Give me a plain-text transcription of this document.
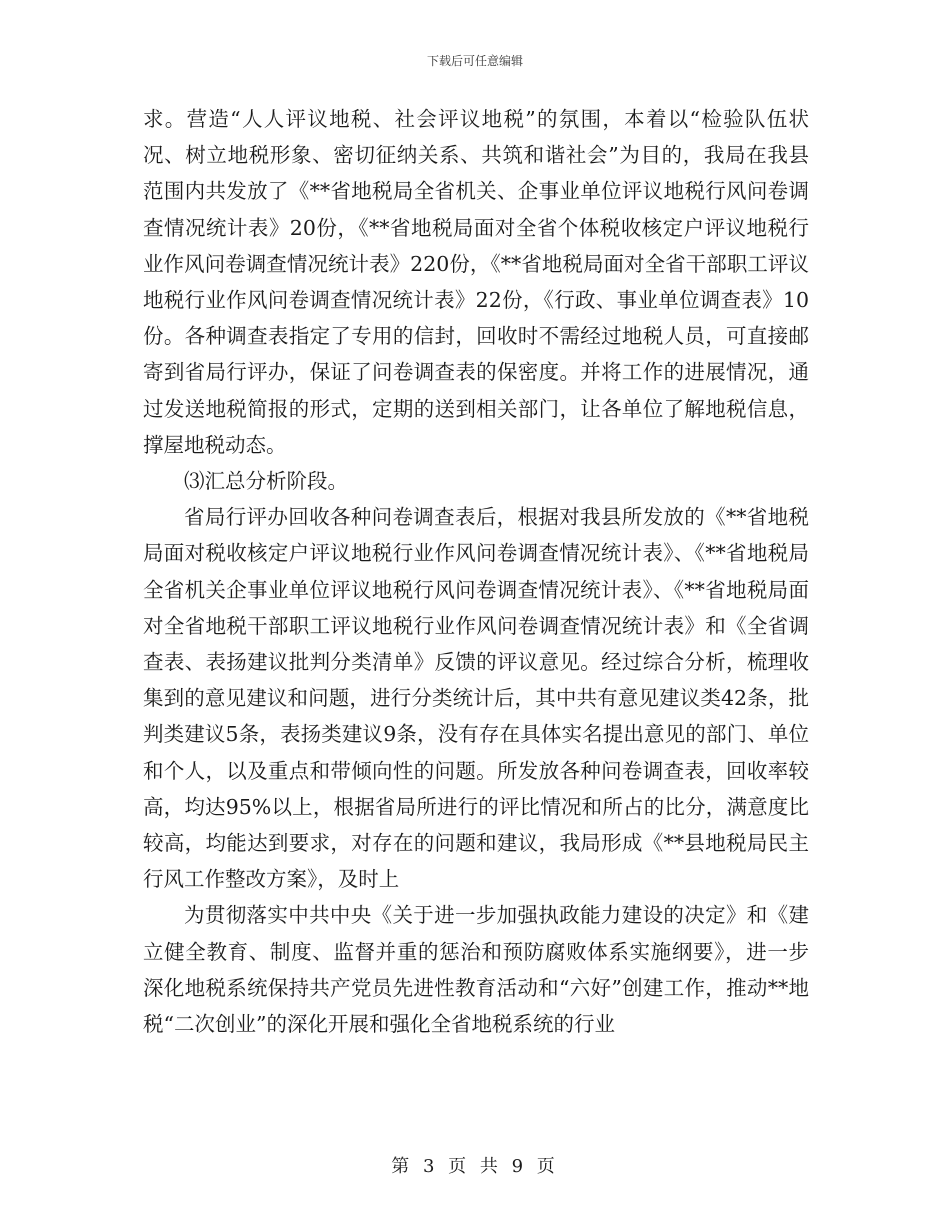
下载后可任意编辑

求。营造“人人评议地税、社会评议地税”的氛围，本着以“检验队伍状况、树立地税形象、密切征纳关系、共筑和谐社会”为目的，我局在我县范围内共发放了《**省地税局全省机关、企事业单位评议地税行风问卷调查情况统计表》20份，《**省地税局面对全省个体税收核定户评议地税行业作风问卷调查情况统计表》220份，《**省地税局面对全省干部职工评议地税行业作风问卷调查情况统计表》22份，《行政、事业单位调查表》10份。各种调查表指定了专用的信封，回收时不需经过地税人员，可直接邮寄到省局行评办，保证了问卷调查表的保密度。并将工作的进展情况，通过发送地税简报的形式，定期的送到相关部门，让各单位了解地税信息，撑屋地税动态。

⑶汇总分析阶段。

省局行评办回收各种问卷调查表后，根据对我县所发放的《**省地税局面对税收核定户评议地税行业作风问卷调查情况统计表》、《**省地税局全省机关企事业单位评议地税行风问卷调查情况统计表》、《**省地税局面对全省地税干部职工评议地税行业作风问卷调查情况统计表》和《全省调查表、表扬建议批判分类清单》反馈的评议意见。经过综合分析，梳理收集到的意见建议和问题，进行分类统计后，其中共有意见建议类42条，批判类建议5条，表扬类建议9条，没有存在具体实名提出意见的部门、单位和个人，以及重点和带倾向性的问题。所发放各种问卷调查表，回收率较高，均达95%以上，根据省局所进行的评比情况和所占的比分，满意度比较高，均能达到要求，对存在的问题和建议，我局形成《**县地税局民主行风工作整改方案》，及时上

为贯彻落实中共中央《关于进一步加强执政能力建设的决定》和《建立健全教育、制度、监督并重的惩治和预防腐败体系实施纲要》，进一步深化地税系统保持共产党员先进性教育活动和“六好”创建工作，推动**地税“二次创业”的深化开展和强化全省地税系统的行业

第 3 页 共 9 页
